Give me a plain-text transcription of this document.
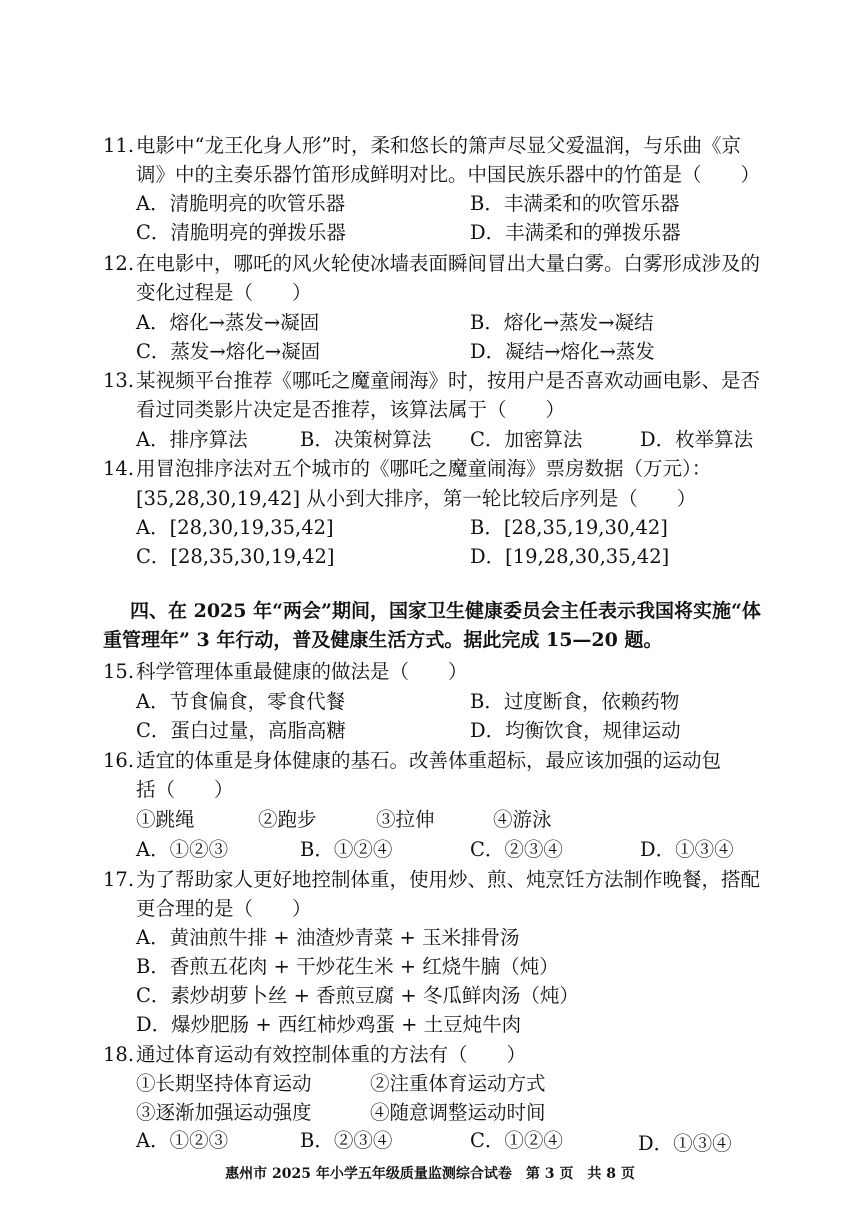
11. 电影中“龙王化身人形”时，柔和悠长的箫声尽显父爱温润，与乐曲《京
调》中的主奏乐器竹笛形成鲜明对比。中国民族乐器中的竹笛是（　　）
A．清脆明亮的吹管乐器	B．丰满柔和的吹管乐器
C．清脆明亮的弹拨乐器	D．丰满柔和的弹拨乐器
12. 在电影中，哪吒的风火轮使冰墙表面瞬间冒出大量白雾。白雾形成涉及的
变化过程是（　　）
A．熔化→蒸发→凝固	B．熔化→蒸发→凝结
C．蒸发→熔化→凝固	D．凝结→熔化→蒸发
13. 某视频平台推荐《哪吒之魔童闹海》时，按用户是否喜欢动画电影、是否
看过同类影片决定是否推荐，该算法属于（　　）
A．排序算法	B．决策树算法 C．加密算法	D．枚举算法
14. 用冒泡排序法对五个城市的《哪吒之魔童闹海》票房数据（万元）：
[35,28,30,19,42] 从小到大排序，第一轮比较后序列是（　　）
A．[28,30,19,35,42]	B．[28,35,19,30,42]
C．[28,35,30,19,42]	D．[19,28,30,35,42]
四、在 2025 年“两会”期间，国家卫生健康委员会主任表示我国将实施“体
重管理年” 3 年行动，普及健康生活方式。据此完成 15—20 题。
15. 科学管理体重最健康的做法是（　　）
A．节食偏食，零食代餐	B．过度断食，依赖药物
C．蛋白过量，高脂高糖	D．均衡饮食，规律运动
16. 适宜的体重是身体健康的基石。改善体重超标，最应该加强的运动包
括（　　）
①跳绳	②跑步	③拉伸	④游泳
A．①②③	B．①②④	C．②③④	D．①③④
17. 为了帮助家人更好地控制体重，使用炒、煎、炖烹饪方法制作晚餐，搭配
更合理的是（　　）
A．黄油煎牛排 + 油渣炒青菜 + 玉米排骨汤
B．香煎五花肉 + 干炒花生米 + 红烧牛腩（炖）
C．素炒胡萝卜丝 + 香煎豆腐 + 冬瓜鲜肉汤（炖）
D．爆炒肥肠 + 西红柿炒鸡蛋 + 土豆炖牛肉
18. 通过体育运动有效控制体重的方法有（　　）
①长期坚持体育运动	②注重体育运动方式
③逐渐加强运动强度	④随意调整运动时间
A．①②③	B．②③④	C．①②④	D．①③④
惠州市 2025 年小学五年级质量监测综合试卷　第 3 页　共 8 页
